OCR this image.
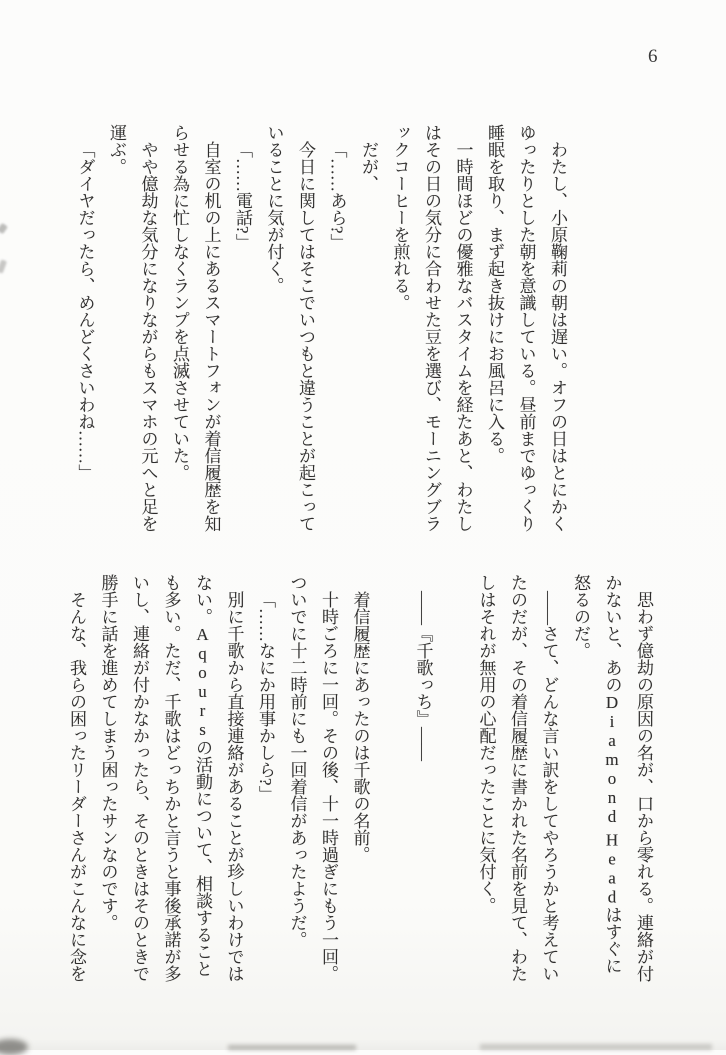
6

わたし、小原鞠莉の朝は遅い。オフの日はとにかくゆったりとした朝を意識している。昼前までゆっくり睡眠を取り、まず起き抜けにお風呂に入る。

一時間ほどの優雅なバスタイムを経たあと、わたしはその日の気分に合わせた豆を選び、モーニングブラックコーヒーを煎れる。

だが、

「……あら?」

今日に関してはそこでいつもと違うことが起こっていることに気が付く。

「……電話?」

自室の机の上にあるスマートフォンが着信履歴を知らせる為に忙しなくランプを点滅させていた。

やや億劫な気分になりながらもスマホの元へと足を運ぶ。

「ダイヤだったら、めんどくさいわね……」

思わず億劫の原因の名が、口から零れる。連絡が付かないと、あのDiamond Headはすぐに怒るのだ。

――さて、どんな言い訳をしてやろうかと考えていたのだが、その着信履歴に書かれた名前を見て、わたしはそれが無用の心配だったことに気付く。

――『千歌っち』――

着信履歴にあったのは千歌の名前。

十時ごろに一回。その後、十一時過ぎにもう一回。ついでに十二時前にも一回着信があったようだ。

「……なにか用事かしら?」

別に千歌から直接連絡があることが珍しいわけではない。Aqoursの活動について、相談することも多い。ただ、千歌はどっちかと言うと事後承諾が多いし、連絡が付かなかったら、そのときはそのときで勝手に話を進めてしまう困ったサンなのです。

そんな、我らの困ったリーダーさんがこんなに念を
